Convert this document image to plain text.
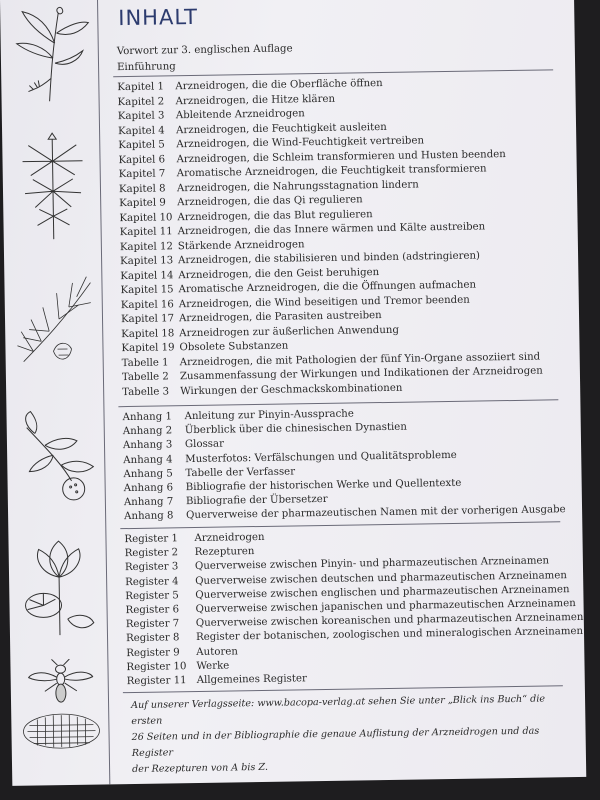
INHALT
Vorwort zur 3. englischen Auflage
Einführung
Kapitel 1 Arzneidrogen, die die Oberfläche öffnen
Kapitel 2 Arzneidrogen, die Hitze klären
Kapitel 3 Ableitende Arzneidrogen
Kapitel 4 Arzneidrogen, die Feuchtigkeit ausleiten
Kapitel 5 Arzneidrogen, die Wind-Feuchtigkeit vertreiben
Kapitel 6 Arzneidrogen, die Schleim transformieren und Husten beenden
Kapitel 7 Aromatische Arzneidrogen, die Feuchtigkeit transformieren
Kapitel 8 Arzneidrogen, die Nahrungsstagnation lindern
Kapitel 9 Arzneidrogen, die das Qi regulieren
Kapitel 10 Arzneidrogen, die das Blut regulieren
Kapitel 11 Arzneidrogen, die das Innere wärmen und Kälte austreiben
Kapitel 12 Stärkende Arzneidrogen
Kapitel 13 Arzneidrogen, die stabilisieren und binden (adstringieren)
Kapitel 14 Arzneidrogen, die den Geist beruhigen
Kapitel 15 Aromatische Arzneidrogen, die die Öffnungen aufmachen
Kapitel 16 Arzneidrogen, die Wind beseitigen und Tremor beenden
Kapitel 17 Arzneidrogen, die Parasiten austreiben
Kapitel 18 Arzneidrogen zur äußerlichen Anwendung
Kapitel 19 Obsolete Substanzen
Tabelle 1 Arzneidrogen, die mit Pathologien der fünf Yin-Organe assoziiert sind
Tabelle 2 Zusammenfassung der Wirkungen und Indikationen der Arzneidrogen
Tabelle 3 Wirkungen der Geschmackskombinationen
Anhang 1 Anleitung zur Pinyin-Aussprache
Anhang 2 Überblick über die chinesischen Dynastien
Anhang 3 Glossar
Anhang 4 Musterfotos: Verfälschungen und Qualitätsprobleme
Anhang 5 Tabelle der Verfasser
Anhang 6 Bibliografie der historischen Werke und Quellentexte
Anhang 7 Bibliografie der Übersetzer
Anhang 8 Querverweise der pharmazeutischen Namen mit der vorherigen Ausgabe
Register 1 Arzneidrogen
Register 2 Rezepturen
Register 3 Querverweise zwischen Pinyin- und pharmazeutischen Arzneinamen
Register 4 Querverweise zwischen deutschen und pharmazeutischen Arzneinamen
Register 5 Querverweise zwischen englischen und pharmazeutischen Arzneinamen
Register 6 Querverweise zwischen japanischen und pharmazeutischen Arzneinamen
Register 7 Querverweise zwischen koreanischen und pharmazeutischen Arzneinamen
Register 8 Register der botanischen, zoologischen und mineralogischen Arzneinamen
Register 9 Autoren
Register 10 Werke
Register 11 Allgemeines Register
Auf unserer Verlagsseite: www.bacopa-verlag.at sehen Sie unter „Blick ins Buch“ die ersten
26 Seiten und in der Bibliographie die genaue Auflistung der Arzneidrogen und das Register
der Rezepturen von A bis Z.
